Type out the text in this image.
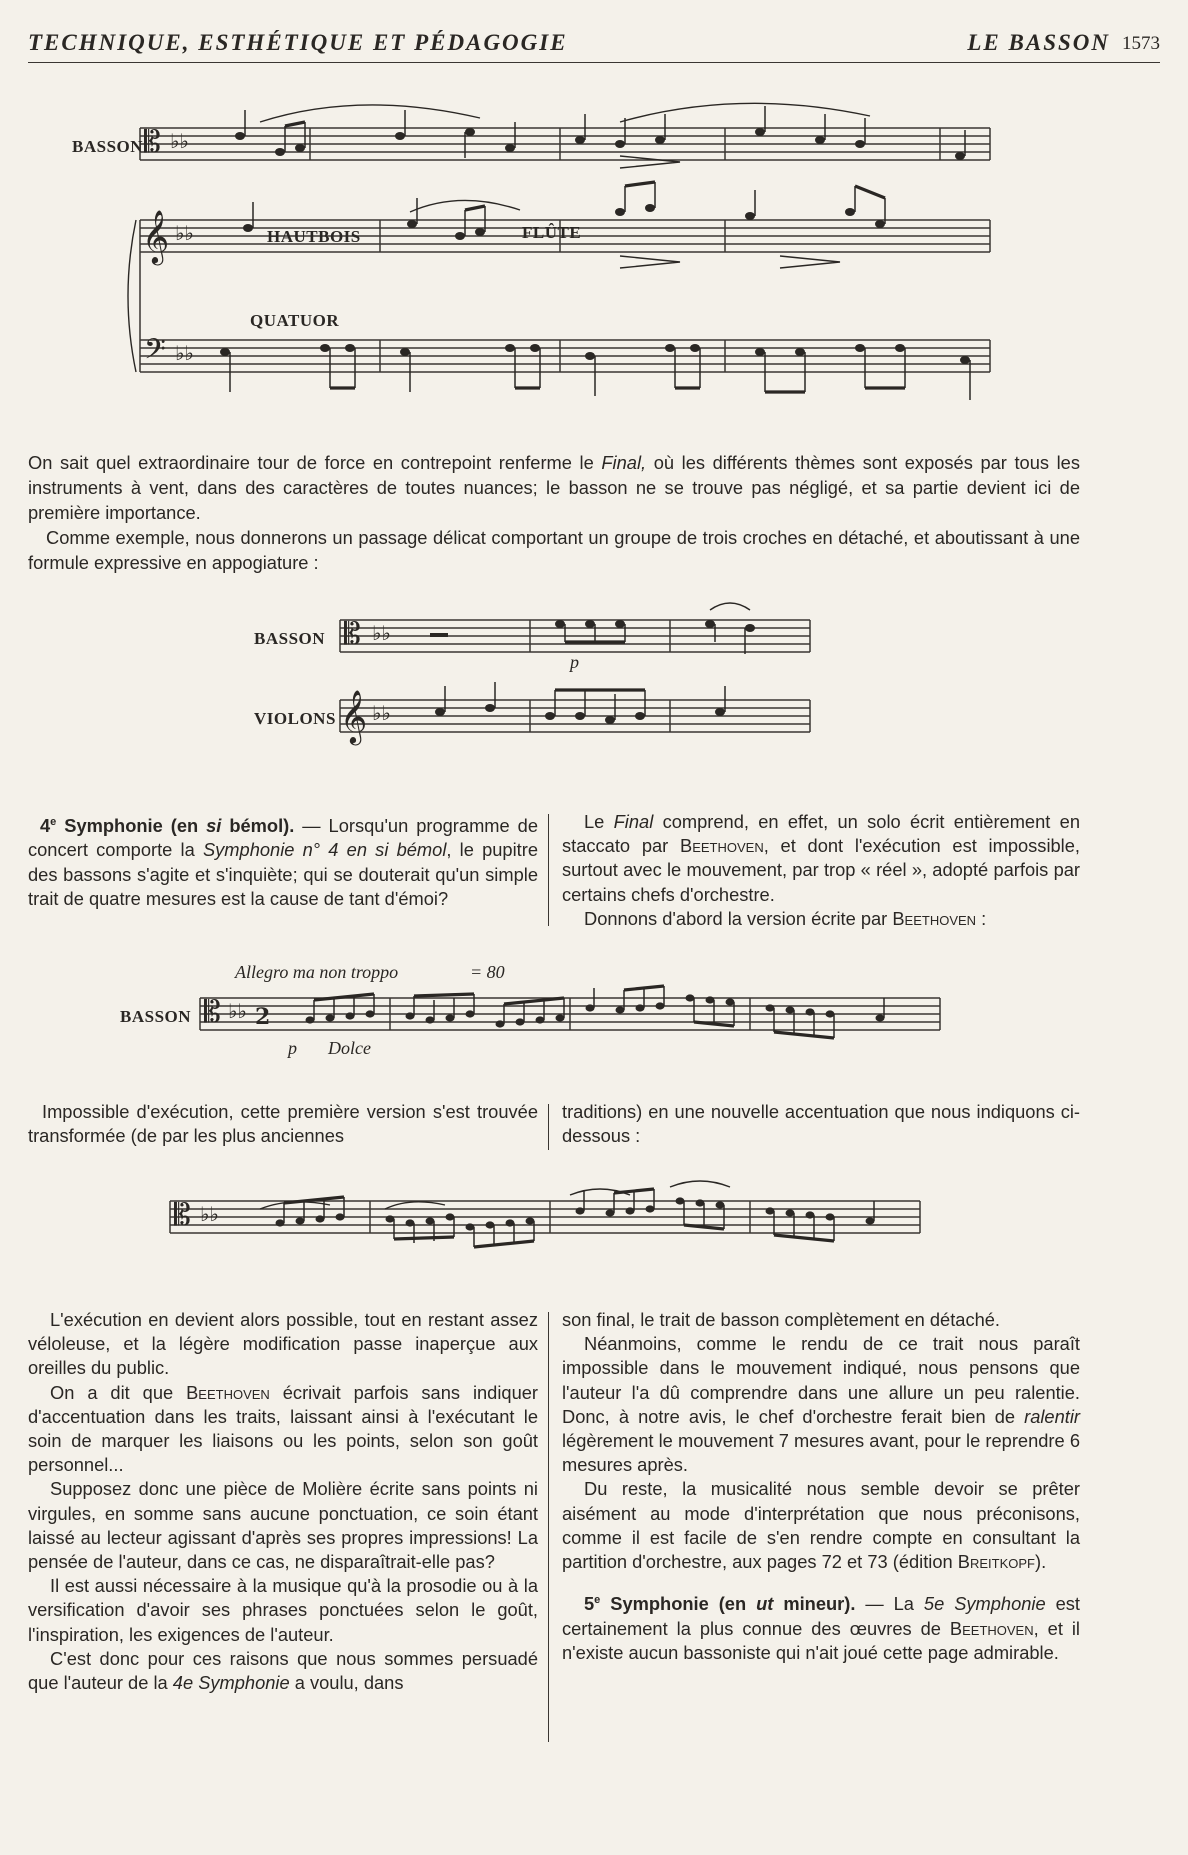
TECHNIQUE, ESTHÉTIQUE ET PÉDAGOGIE	LE BASSON 1573
𝄡 ♭♭
BASSON
𝄞 ♭♭	HAUTBOIS	FLÛTE
QUATUOR
𝄢 ♭♭

On sait quel extraordinaire tour de force en contrepoint renferme le Final, où les différents thèmes sont exposés par tous les instruments à vent, dans des caractères de toutes nuances; le basson ne se trouve pas négligé, et sa partie devient ici de première importance.

Comme exemple, nous donnerons un passage délicat comportant un groupe de trois croches en détaché, et aboutissant à une formule expressive en appogiature :

𝄡 ♭♭
BASSON
p
𝄞 ♭♭
VIOLONS

4e Symphonie (en si bémol). — Lorsqu'un programme de concert comporte la Symphonie n° 4 en si bémol, le pupitre des bassons s'agite et s'inquiète; qui se douterait qu'un simple trait de quatre mesures est la cause de tant d'émoi?

Le Final comprend, en effet, un solo écrit entièrement en staccato par Beethoven, et dont l'exécution est impossible, surtout avec le mouvement, par trop « réel », adopté parfois par certains chefs d'orchestre.

Donnons d'abord la version écrite par Beethoven :

Allegro ma non troppo	= 80
𝄡 ♭♭ 2
BASSON
p Dolce

Impossible d'exécution, cette première version s'est trouvée transformée (de par les plus anciennes

traditions) en une nouvelle accentuation que nous indiquons ci-dessous :

𝄡 ♭♭

L'exécution en devient alors possible, tout en restant assez véloleuse, et la légère modification passe inaperçue aux oreilles du public.

On a dit que Beethoven écrivait parfois sans indiquer d'accentuation dans les traits, laissant ainsi à l'exécutant le soin de marquer les liaisons ou les points, selon son goût personnel...

Supposez donc une pièce de Molière écrite sans points ni virgules, en somme sans aucune ponctuation, ce soin étant laissé au lecteur agissant d'après ses propres impressions! La pensée de l'auteur, dans ce cas, ne disparaîtrait-elle pas?

Il est aussi nécessaire à la musique qu'à la prosodie ou à la versification d'avoir ses phrases ponctuées selon le goût, l'inspiration, les exigences de l'auteur.

C'est donc pour ces raisons que nous sommes persuadé que l'auteur de la 4e Symphonie a voulu, dans

son final, le trait de basson complètement en détaché.

Néanmoins, comme le rendu de ce trait nous paraît impossible dans le mouvement indiqué, nous pensons que l'auteur l'a dû comprendre dans une allure un peu ralentie. Donc, à notre avis, le chef d'orchestre ferait bien de ralentir légèrement le mouvement 7 mesures avant, pour le reprendre 6 mesures après.

Du reste, la musicalité nous semble devoir se prêter aisément au mode d'interprétation que nous préconisons, comme il est facile de s'en rendre compte en consultant la partition d'orchestre, aux pages 72 et 73 (édition Breitkopf).

5e Symphonie (en ut mineur). — La 5e Symphonie est certainement la plus connue des œuvres de Beethoven, et il n'existe aucun bassoniste qui n'ait joué cette page admirable.
